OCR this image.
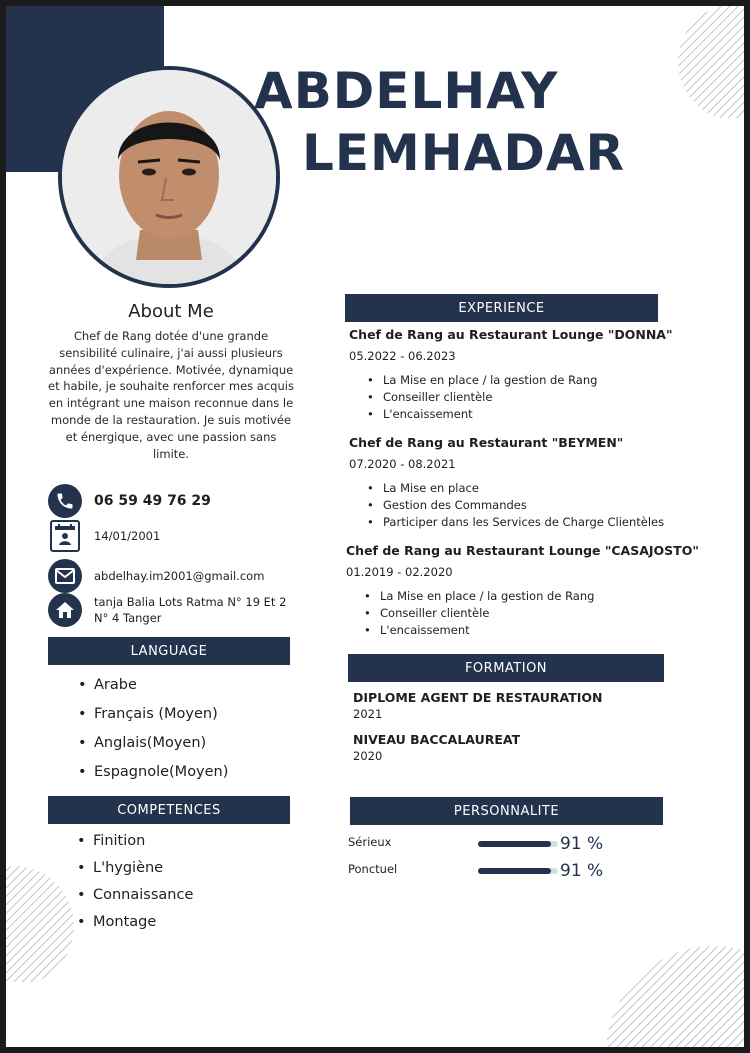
ABDELHAY
LEMHADAR
About Me
Chef de Rang dotée d'une grande sensibilité culinaire, j'ai aussi plusieurs années d'expérience. Motivée, dynamique et habile, je souhaite renforcer mes acquis en intégrant une maison reconnue dans le monde de la restauration. Je suis motivée et énergique, avec une passion sans limite.
06 59 49 76 29
14/01/2001
abdelhay.im2001@gmail.com
tanja Balia Lots Ratma N° 19 Et 2
N° 4 Tanger
LANGUAGE
• Arabe
• Français (Moyen)
• Anglais(Moyen)
• Espagnole(Moyen)
COMPETENCES
• Finition
• L'hygiène
• Connaissance
• Montage
EXPERIENCE
Chef de Rang au Restaurant Lounge "DONNA"
05.2022 - 06.2023
• La Mise en place / la gestion de Rang
• Conseiller clientèle
• L'encaissement
Chef de Rang au Restaurant "BEYMEN"
07.2020 - 08.2021
• La Mise en place
• Gestion des Commandes
• Participer dans les Services de Charge Clientèles
Chef de Rang au Restaurant Lounge "CASAJOSTO"
01.2019 - 02.2020
• La Mise en place / la gestion de Rang
• Conseiller clientèle
• L'encaissement
FORMATION
DIPLOME AGENT DE RESTAURATION
2021
NIVEAU BACCALAUREAT
2020
PERSONNALITE
Sérieux	91 %
Ponctuel	91 %
